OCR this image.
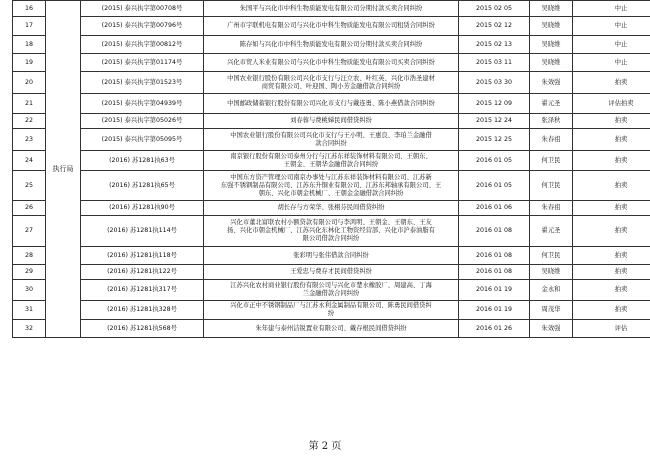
16	执行局	(2015) 泰兴执字第00708号	朱国平与兴化市中科生物质能发电有限公司分期付款买卖合同纠纷	2015 02 05	吴晓维	中止
17		(2015) 泰兴执字第00796号	广州市宇联机电有限公司与兴化市中科生物质能发电有限公司租赁合同纠纷	2015 02 12	吴晓维	中止
18		(2015) 泰兴执字第00812号	陈存如与兴化市中科生物质能发电有限公司分期付款买卖合同纠纷	2015 02 13	吴晓维	中止
19		(2015) 泰兴执字第01174号	兴化市贸人米业有限公司与兴化市中科生物质能发电有限公司买卖合同纠纷	2015 03 11	吴晓维	中止
20		(2015) 泰兴执字第01523号	中国农业银行股份有限公司兴化市支行与汪立农、叶红英、兴化市浩圣建材
商贸有限公司、叶迎国、陶小芳金融借款合同纠纷	2015 03 30	朱效强	拍卖
21		(2015) 泰兴执字第04939号	中国邮政储蓄银行股份有限公司兴化市支行与戴连勇、陈小燕借款合同纠纷	2015 12 09	翟元圣	评估拍卖
22		(2015) 泰兴执字第05026号	刘春蓉与费桃娣民间借贷纠纷	2015 12 24	张泽秋	拍卖
23		(2015) 泰兴执字第05095号	中国农业银行股份有限公司兴化市支行与王小明、王惠良、李珀兰金融借
款合同纠纷	2015 12 25	朱春祖	拍卖
24		(2016) 苏1281执63号	南京银行股份有限公司泰州分行与江苏东祥装饰材料有限公司、王朝东、
王朝金、王朝华金融借款合同纠纷	2016 01 05	何卫民	拍卖
25		(2016) 苏1281执65号	中国东方资产管理公司南京办事处与江苏东祥装饰材料有限公司、江苏新
东强不锈钢制品有限公司、江苏东升铜业有限公司、江苏东邦轴承有限公司、王
朝东、兴化市朝金机械厂、王朝金金融借款合同纠纷	2016 01 05	何卫民	拍卖
26		(2016) 苏1281执90号	胡长存与方荣华、张栩芬民间借贷纠纷	2016 01 06	朱春祖	拍卖
27		(2016) 苏1281执114号	兴化市董北富联农村小额贷款有限公司与李鸿明、王朝金、王朝东、王友
扬、兴化市朝金机械厂、江苏兴化东林化工物资经营部、兴化市沪泰油脂有
限公司借款合同纠纷	2016 01 08	翟元圣	拍卖
28		(2016) 苏1281执118号	张彩明与张伟借款合同纠纷	2016 01 08	何卫民	拍卖
29		(2016) 苏1281执122号	王爱忠与费存才民间借贷纠纷	2016 01 08	吴晓维	拍卖
30		(2016) 苏1281执317号	江苏兴化农村商业银行股份有限公司与兴化市楚水橡胶厂、周建高、丁海
兰金融借款合同纠纷	2016 01 19	金永和	拍卖
31		(2016) 苏1281执328号	兴化市正中不锈钢制品厂与江苏永利金属制品有限公司、陈勇民间借贷纠
纷	2016 01 19	周茂华	拍卖
32		(2016) 苏1281执568号	朱年建与泰州洁锐置业有限公司、戴存根民间借贷纠纷	2016 01 26	朱效强	评估
第 2 页
